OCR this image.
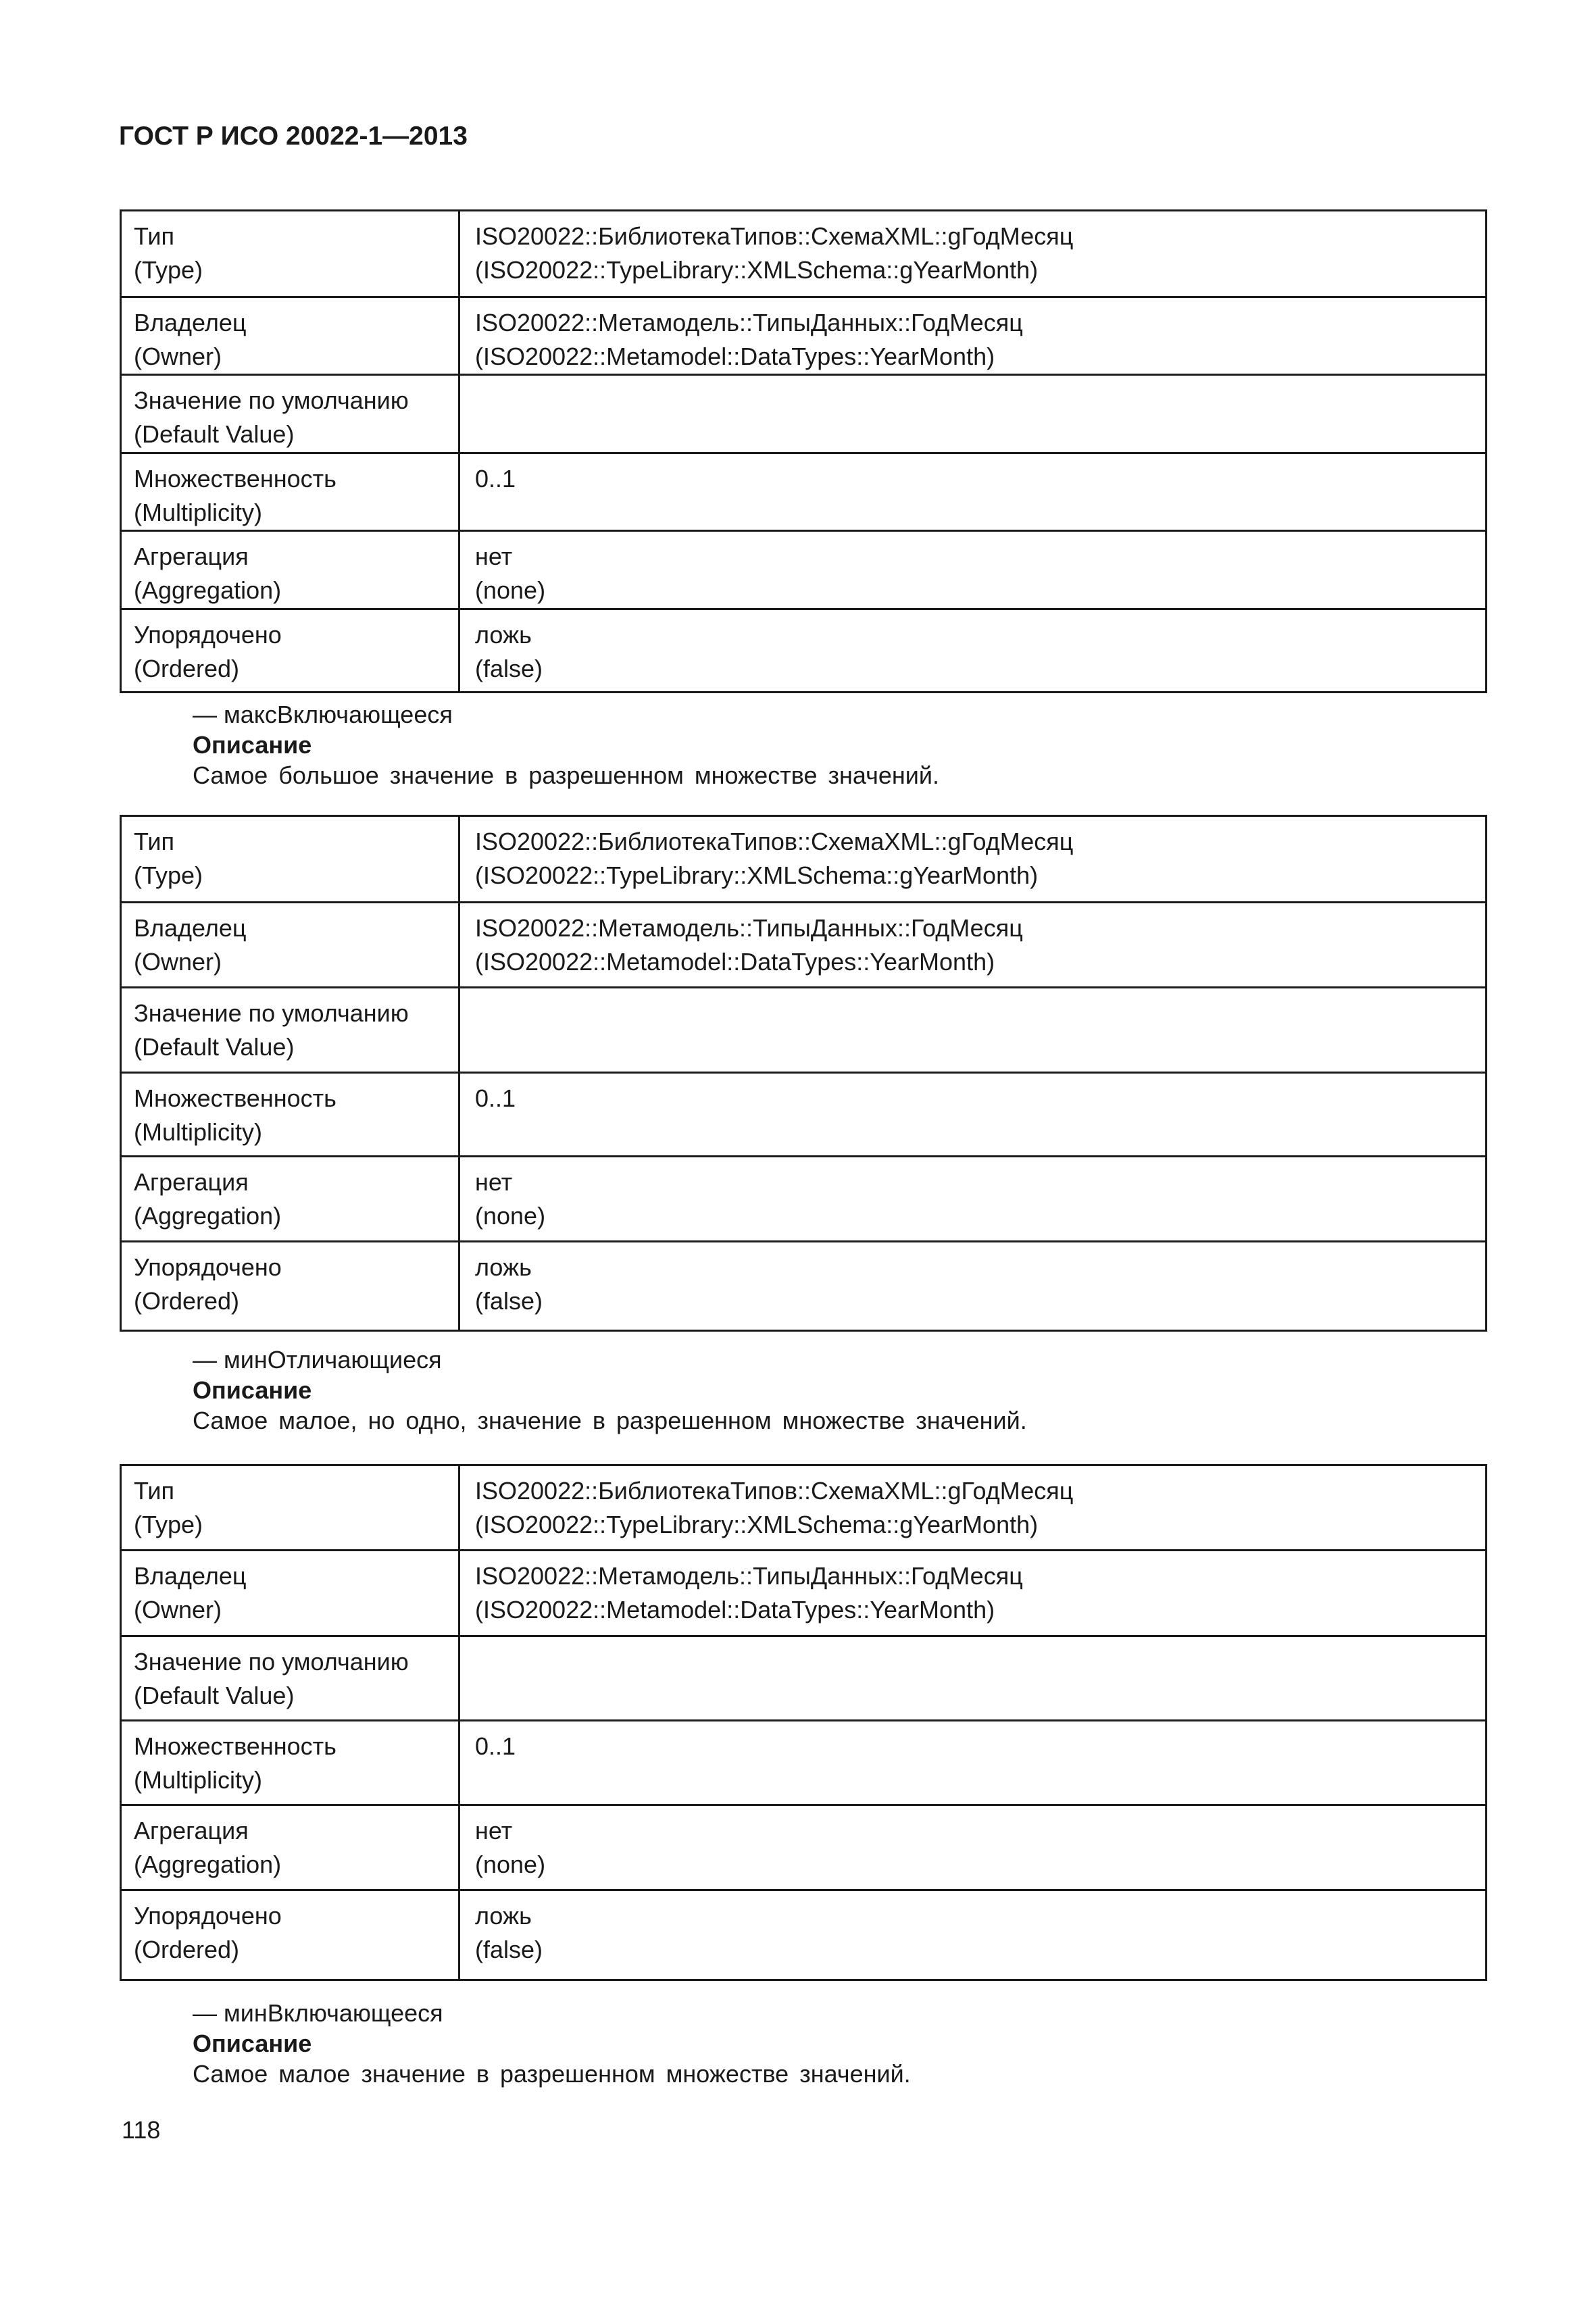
ГОСТ Р ИСО 20022-1—2013
Тип
(Type)	ISO20022::БиблиотекаТипов::СхемаXML::gГодМесяц
(ISO20022::TypeLibrary::XMLSchema::gYearMonth)

Владелец
(Owner)	ISO20022::Метамодель::ТипыДанных::ГодМесяц
(ISO20022::Metamodel::DataTypes::YearMonth)

Значение по умолчанию
(Default Value)	

Множественность
(Multiplicity)	0..1

Агрегация
(Aggregation)	нет
(none)

Упорядочено
(Ordered)	ложь
(false)
— максВключающееся
Описание
Самое большое значение в разрешенном множестве значений.
Тип
(Type)	ISO20022::БиблиотекаТипов::СхемаXML::gГодМесяц
(ISO20022::TypeLibrary::XMLSchema::gYearMonth)

Владелец
(Owner)	ISO20022::Метамодель::ТипыДанных::ГодМесяц
(ISO20022::Metamodel::DataTypes::YearMonth)

Значение по умолчанию
(Default Value)	

Множественность
(Multiplicity)	0..1

Агрегация
(Aggregation)	нет
(none)

Упорядочено
(Ordered)	ложь
(false)
— минОтличающиеся
Описание
Самое малое, но одно, значение в разрешенном множестве значений.
Тип
(Type)	ISO20022::БиблиотекаТипов::СхемаXML::gГодМесяц
(ISO20022::TypeLibrary::XMLSchema::gYearMonth)

Владелец
(Owner)	ISO20022::Метамодель::ТипыДанных::ГодМесяц
(ISO20022::Metamodel::DataTypes::YearMonth)

Значение по умолчанию
(Default Value)	

Множественность
(Multiplicity)	0..1

Агрегация
(Aggregation)	нет
(none)

Упорядочено
(Ordered)	ложь
(false)
— минВключающееся
Описание
Самое малое значение в разрешенном множестве значений.
118
